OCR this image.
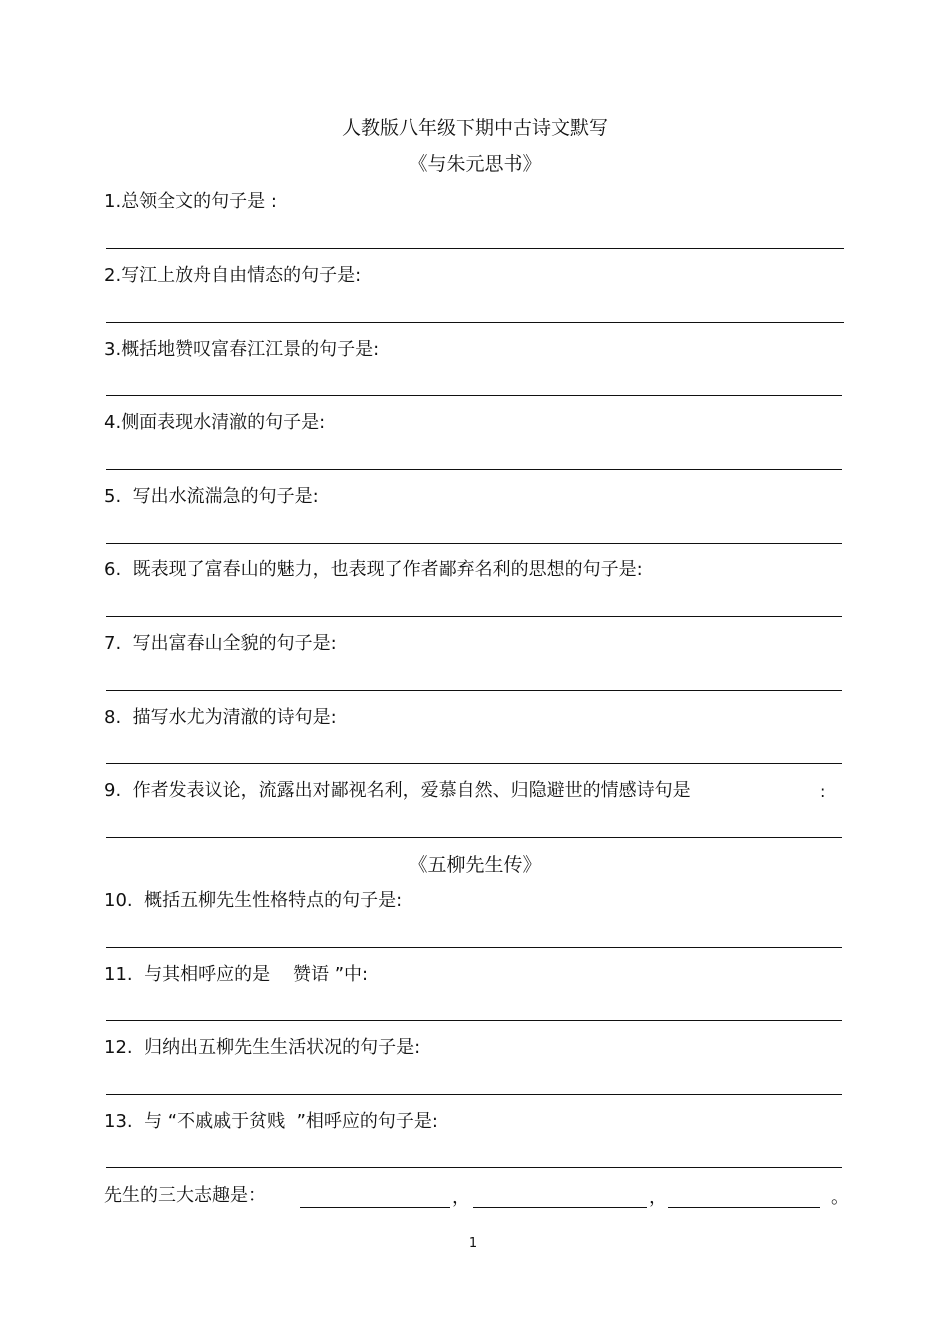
人教版八年级下期中古诗文默写
《与朱元思书》
1.总领全文的句子是 :
2.写江上放舟自由情态的句子是:
3.概括地赞叹富春江江景的句子是:
4.侧面表现水清澈的句子是:
5.  写出水流湍急的句子是:
6.  既表现了富春山的魅力，也表现了作者鄙弃名利的思想的句子是:
7.  写出富春山全貌的句子是:
8.  描写水尤为清澈的诗句是:
9.  作者发表议论，流露出对鄙视名利，爱慕自然、归隐避世的情感诗句是	:
《五柳先生传》
10.  概括五柳先生性格特点的句子是:
11.  与其相呼应的是    赞语 ”中:
12.  归纳出五柳先生生活状况的句子是:
13.  与 “不戚戚于贫贱  ”相呼应的句子是:
先生的三大志趣是：	，	，	。
1
